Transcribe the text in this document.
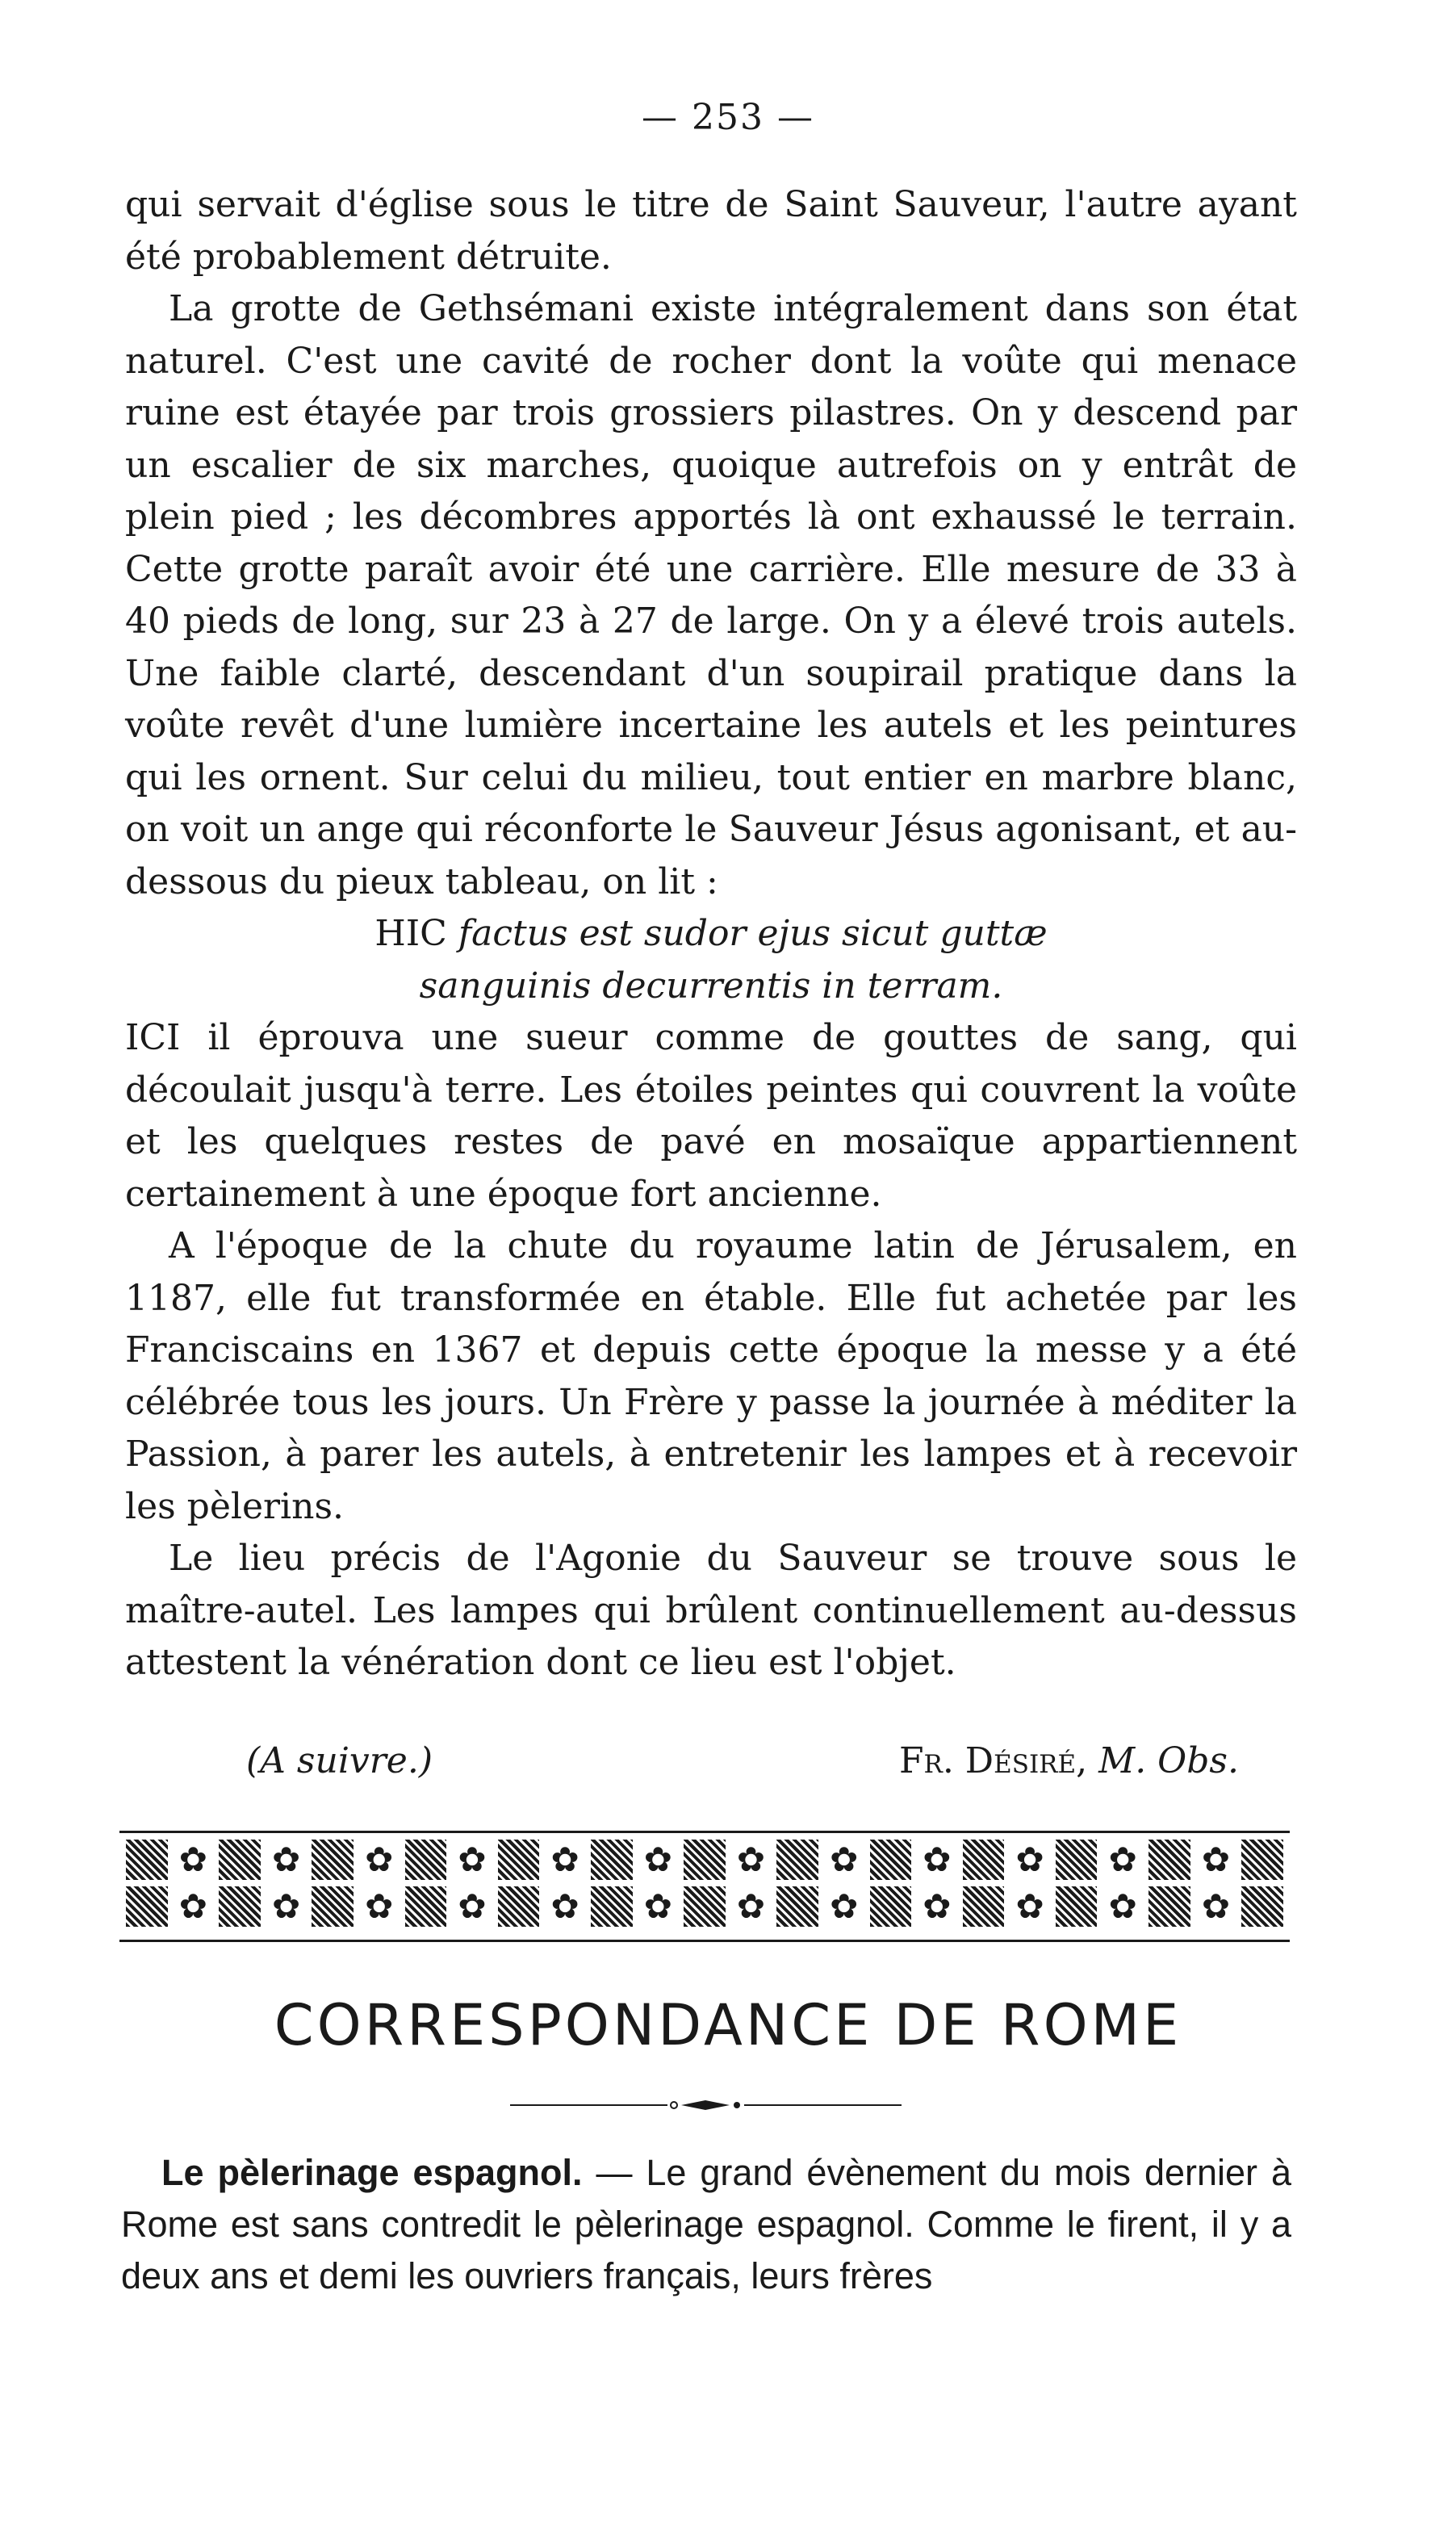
— 253 —

qui servait d'église sous le titre de Saint Sauveur, l'autre ayant été probablement détruite.

La grotte de Gethsémani existe intégralement dans son état naturel. C'est une cavité de rocher dont la voûte qui menace ruine est étayée par trois grossiers pilastres. On y descend par un escalier de six marches, quoique autrefois on y entrât de plein pied ; les décombres apportés là ont exhaussé le terrain. Cette grotte paraît avoir été une carrière. Elle mesure de 33 à 40 pieds de long, sur 23 à 27 de large. On y a élevé trois autels. Une faible clarté, descendant d'un soupirail pratique dans la voûte revêt d'une lumière incertaine les autels et les peintures qui les ornent. Sur celui du milieu, tout entier en marbre blanc, on voit un ange qui réconforte le Sauveur Jésus agonisant, et au-dessous du pieux tableau, on lit :

HIC factus est sudor ejus sicut guttæ

sanguinis decurrentis in terram.

ICI il éprouva une sueur comme de gouttes de sang, qui découlait jusqu'à terre. Les étoiles peintes qui couvrent la voûte et les quelques restes de pavé en mosaïque appartiennent certainement à une époque fort ancienne.

A l'époque de la chute du royaume latin de Jérusalem, en 1187, elle fut transformée en étable. Elle fut achetée par les Franciscains en 1367 et depuis cette époque la messe y a été célébrée tous les jours. Un Frère y passe la journée à méditer la Passion, à parer les autels, à entretenir les lampes et à recevoir les pèlerins.

Le lieu précis de l'Agonie du Sauveur se trouve sous le maître-autel. Les lampes qui brûlent continuellement au-dessus attestent la vénération dont ce lieu est l'objet.

(A suivre.)	Fr. Désiré, M. Obs.
✿ ✿ ✿ ✿ ✿ ✿ ✿ ✿ ✿ ✿ ✿ ✿
✿ ✿ ✿ ✿ ✿ ✿ ✿ ✿ ✿ ✿ ✿ ✿
CORRESPONDANCE DE ROME

Le pèlerinage espagnol. — Le grand évènement du mois dernier à Rome est sans contredit le pèlerinage espagnol. Comme le firent, il y a deux ans et demi les ouvriers français, leurs frères
